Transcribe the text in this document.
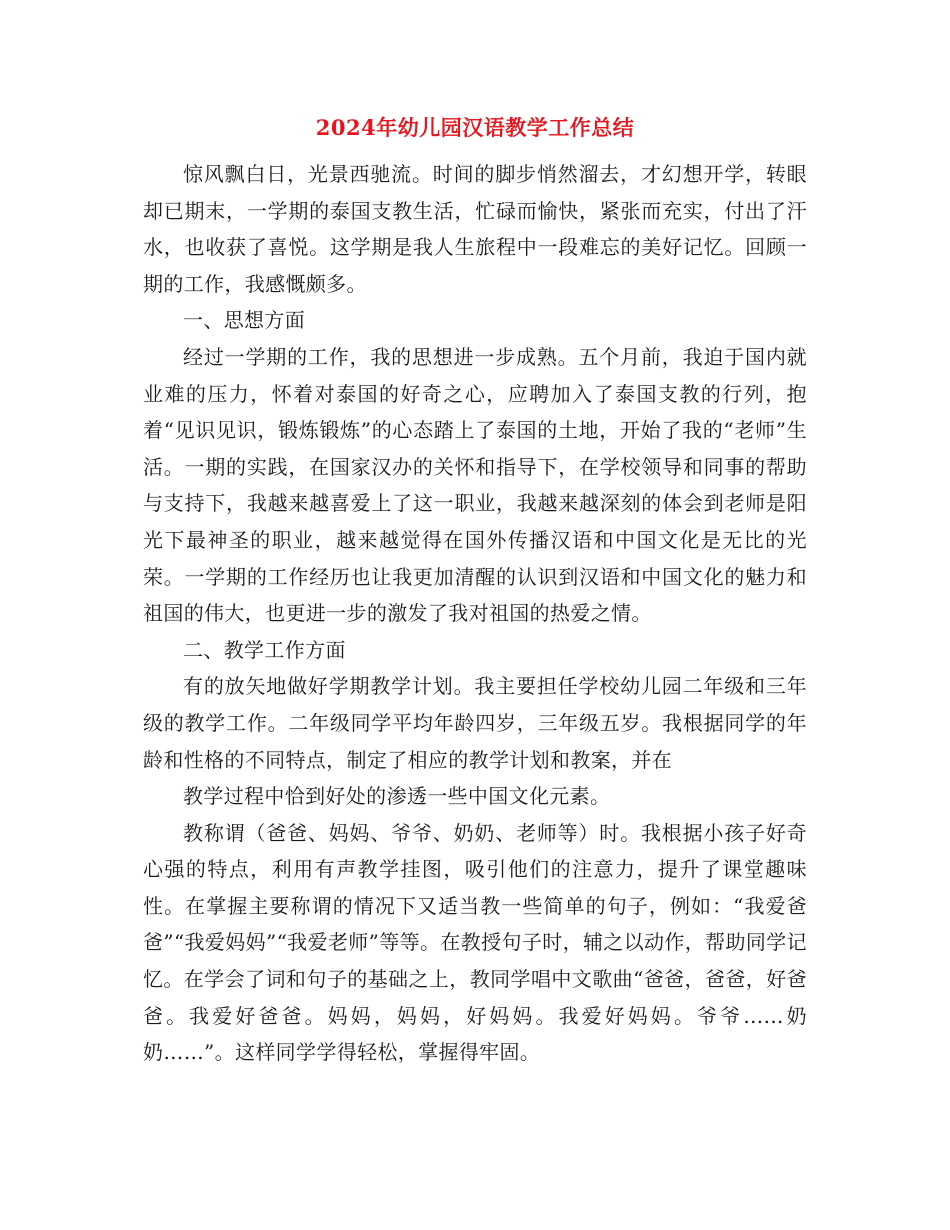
2024年幼儿园汉语教学工作总结

惊风飘白日，光景西驰流。时间的脚步悄然溜去，才幻想开学，转眼却已期末，一学期的泰国支教生活，忙碌而愉快，紧张而充实，付出了汗水，也收获了喜悦。这学期是我人生旅程中一段难忘的美好记忆。回顾一期的工作，我感慨颇多。

一、思想方面

经过一学期的工作，我的思想进一步成熟。五个月前，我迫于国内就业难的压力，怀着对泰国的好奇之心，应聘加入了泰国支教的行列，抱着“见识见识，锻炼锻炼”的心态踏上了泰国的土地，开始了我的“老师”生活。一期的实践，在国家汉办的关怀和指导下，在学校领导和同事的帮助与支持下，我越来越喜爱上了这一职业，我越来越深刻的体会到老师是阳光下最神圣的职业，越来越觉得在国外传播汉语和中国文化是无比的光荣。一学期的工作经历也让我更加清醒的认识到汉语和中国文化的魅力和祖国的伟大，也更进一步的激发了我对祖国的热爱之情。

二、教学工作方面

有的放矢地做好学期教学计划。我主要担任学校幼儿园二年级和三年级的教学工作。二年级同学平均年龄四岁，三年级五岁。我根据同学的年龄和性格的不同特点，制定了相应的教学计划和教案，并在

教学过程中恰到好处的渗透一些中国文化元素。

教称谓（爸爸、妈妈、爷爷、奶奶、老师等）时。我根据小孩子好奇心强的特点，利用有声教学挂图，吸引他们的注意力，提升了课堂趣味性。在掌握主要称谓的情况下又适当教一些简单的句子，例如：“我爱爸爸”“我爱妈妈”“我爱老师”等等。在教授句子时，辅之以动作，帮助同学记忆。在学会了词和句子的基础之上，教同学唱中文歌曲“爸爸，爸爸，好爸爸。我爱好爸爸。妈妈，妈妈，好妈妈。我爱好妈妈。爷爷……奶奶……”。这样同学学得轻松，掌握得牢固。
